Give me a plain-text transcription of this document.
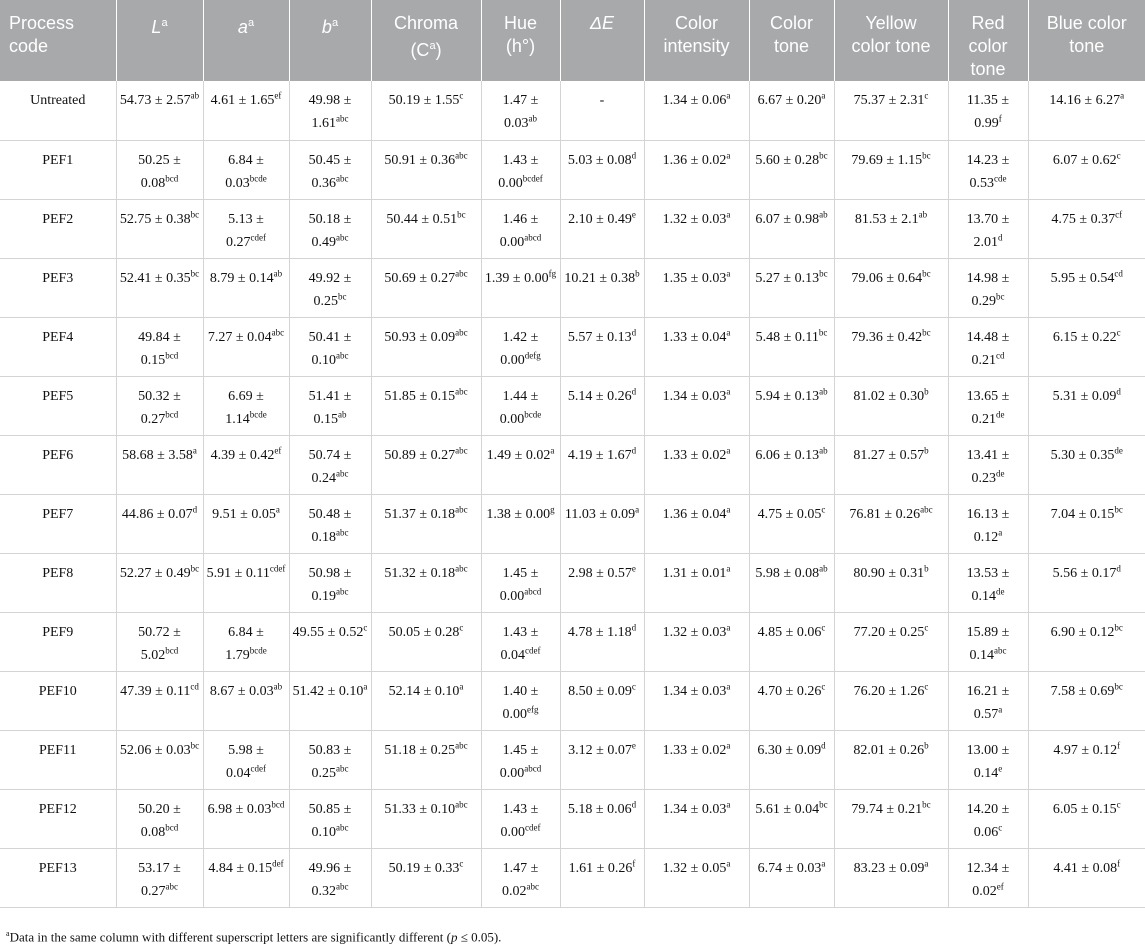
Process code	$L^a$	$a^a$	$b^a$	Chroma $(C^a)$	Hue (h°)	ΔE	Color intensity	Color tone	Yellow color tone	Red color tone	Blue color tone
Untreated	54.73 ± 2.57$^{ab}$	4.61 ± 1.65$^{ef}$	49.98 ± 1.61$^{abc}$	50.19 ± 1.55$^c$	1.47 ± 0.03$^{ab}$	-	1.34 ± 0.06$^a$	6.67 ± 0.20$^a$	75.37 ± 2.31$^c$	11.35 ± 0.99$^f$	14.16 ± 6.27$^a$
PEF1	50.25 ± 0.08$^{bcd}$	$6.84 \pm 0.03^{bcde}$	50.45 ± 0.36$^{abc}$	50.91 ± 0.36$^{abc}$	$1.43 \pm 0.00^{bcdef}$	5.03 ± 0.08$^d$	1.36 ± 0.02$^a$	5.60 ± 0.28$^{bc}$	79.69 ± 1.15$^{bc}$	14.23 ± 0.53$^{cde}$	6.07 ± 0.62$^c$
PEF2	52.75 ± 0.38$^{bc}$	$5.13 \pm 0.27^{cdef}$	50.18 ± 0.49$^{abc}$	50.44 ± 0.51$^{bc}$	$1.46 \pm 0.00^{abcd}$	2.10 ± 0.49$^e$	1.32 ± 0.03$^a$	6.07 ± 0.98$^{ab}$	81.53 ± 2.1$^{ab}$	13.70 ± 2.01$^d$	4.75 ± 0.37$^{cf}$
PEF3	52.41 ± 0.35$^{bc}$	8.79 ± 0.14$^{ab}$	49.92 ± 0.25$^{bc}$	50.69 ± 0.27$^{abc}$	1.39 ± 0.00$^{fg}$	10.21 ± 0.38$^b$	1.35 ± 0.03$^a$	5.27 ± 0.13$^{bc}$	79.06 ± 0.64$^{bc}$	14.98 ± 0.29$^{bc}$	5.95 ± 0.54$^{cd}$
PEF4	49.84 ± 0.15$^{bcd}$	7.27 ± 0.04$^{abc}$	50.41 ± 0.10$^{abc}$	50.93 ± 0.09$^{abc}$	$1.42 \pm 0.00^{defg}$	5.57 ± 0.13$^d$	1.33 ± 0.04$^a$	5.48 ± 0.11$^{bc}$	79.36 ± 0.42$^{bc}$	14.48 ± 0.21$^{cd}$	6.15 ± 0.22$^c$
PEF5	50.32 ± 0.27$^{bcd}$	$6.69 \pm 1.14^{bcde}$	51.41 ± 0.15$^{ab}$	51.85 ± 0.15$^{abc}$	$1.44 \pm 0.00^{bcde}$	5.14 ± 0.26$^d$	1.34 ± 0.03$^a$	5.94 ± 0.13$^{ab}$	81.02 ± 0.30$^b$	13.65 ± 0.21de	5.31 ± 0.09$^d$
PEF6	58.68 ± 3.58$^a$	4.39 ± 0.42$^{ef}$	50.74 ± 0.24$^{abc}$	50.89 ± 0.27$^{abc}$	1.49 ± 0.02$^a$	4.19 ± 1.67$^d$	1.33 ± 0.02$^a$	6.06 ± 0.13$^{ab}$	81.27 ± 0.57$^b$	13.41 ± 0.23de	5.30 ± 0.35de
PEF7	44.86 ± 0.07$^d$	9.51 ± 0.05$^a$	50.48 ± 0.18$^{abc}$	51.37 ± 0.18$^{abc}$	1.38 ± 0.00$^g$	11.03 ± 0.09$^a$	1.36 ± 0.04$^a$	4.75 ± 0.05$^c$	76.81 ± 0.26$^{abc}$	16.13 ± 0.12$^a$	7.04 ± 0.15$^{bc}$
PEF8	52.27 ± 0.49$^{bc}$	$5.91 \pm 0.11^{cdef}$	50.98 ± 0.19$^{abc}$	51.32 ± 0.18$^{abc}$	$1.45 \pm 0.00^{abcd}$	2.98 ± 0.57$^e$	1.31 ± 0.01$^a$	5.98 ± 0.08$^{ab}$	80.90 ± 0.31$^b$	13.53 ± 0.14de	5.56 ± 0.17$^d$
PEF9	50.72 ± 5.02$^{bcd}$	$6.84 \pm 1.79^{bcde}$	49.55 ± 0.52$^c$	50.05 ± 0.28$^c$	$1.43 \pm 0.04^{cdef}$	4.78 ± 1.18$^d$	1.32 ± 0.03$^a$	4.85 ± 0.06$^c$	77.20 ± 0.25$^c$	15.89 ± 0.14$^{abc}$	6.90 ± 0.12$^{bc}$
PEF10	47.39 ± 0.11$^{cd}$	8.67 ± 0.03$^{ab}$	51.42 ± 0.10$^a$	52.14 ± 0.10$^a$	1.40 ± 0.00$^{efg}$	8.50 ± 0.09$^c$	1.34 ± 0.03$^a$	4.70 ± 0.26$^c$	76.20 ± 1.26$^c$	16.21 ± 0.57$^a$	7.58 ± 0.69$^{bc}$
PEF11	52.06 ± 0.03$^{bc}$	$5.98 \pm 0.04^{cdef}$	50.83 ± 0.25$^{abc}$	51.18 ± 0.25$^{abc}$	$1.45 \pm 0.00^{abcd}$	3.12 ± 0.07$^e$	1.33 ± 0.02$^a$	6.30 ± 0.09$^d$	82.01 ± 0.26$^b$	13.00 ± 0.14$^e$	4.97 ± 0.12$^f$
PEF12	50.20 ± 0.08$^{bcd}$	6.98 ± 0.03$^{bcd}$	50.85 ± 0.10$^{abc}$	51.33 ± 0.10$^{abc}$	$1.43 \pm 0.00^{cdef}$	5.18 ± 0.06$^d$	1.34 ± 0.03$^a$	5.61 ± 0.04$^{bc}$	79.74 ± 0.21$^{bc}$	14.20 ± 0.06$^c$	6.05 ± 0.15$^c$
PEF13	53.17 ± 0.27$^{abc}$	4.84 ± 0.15$^{def}$	49.96 ± 0.32$^{abc}$	50.19 ± 0.33$^c$	1.47 ± 0.02$^{abc}$	1.61 ± 0.26$^f$	1.32 ± 0.05$^a$	6.74 ± 0.03$^a$	83.23 ± 0.09$^a$	12.34 ± 0.02$^{ef}$	4.41 ± 0.08$^f$

$^a$Data in the same column with different superscript letters are significantly different (p ≤ 0.05).
